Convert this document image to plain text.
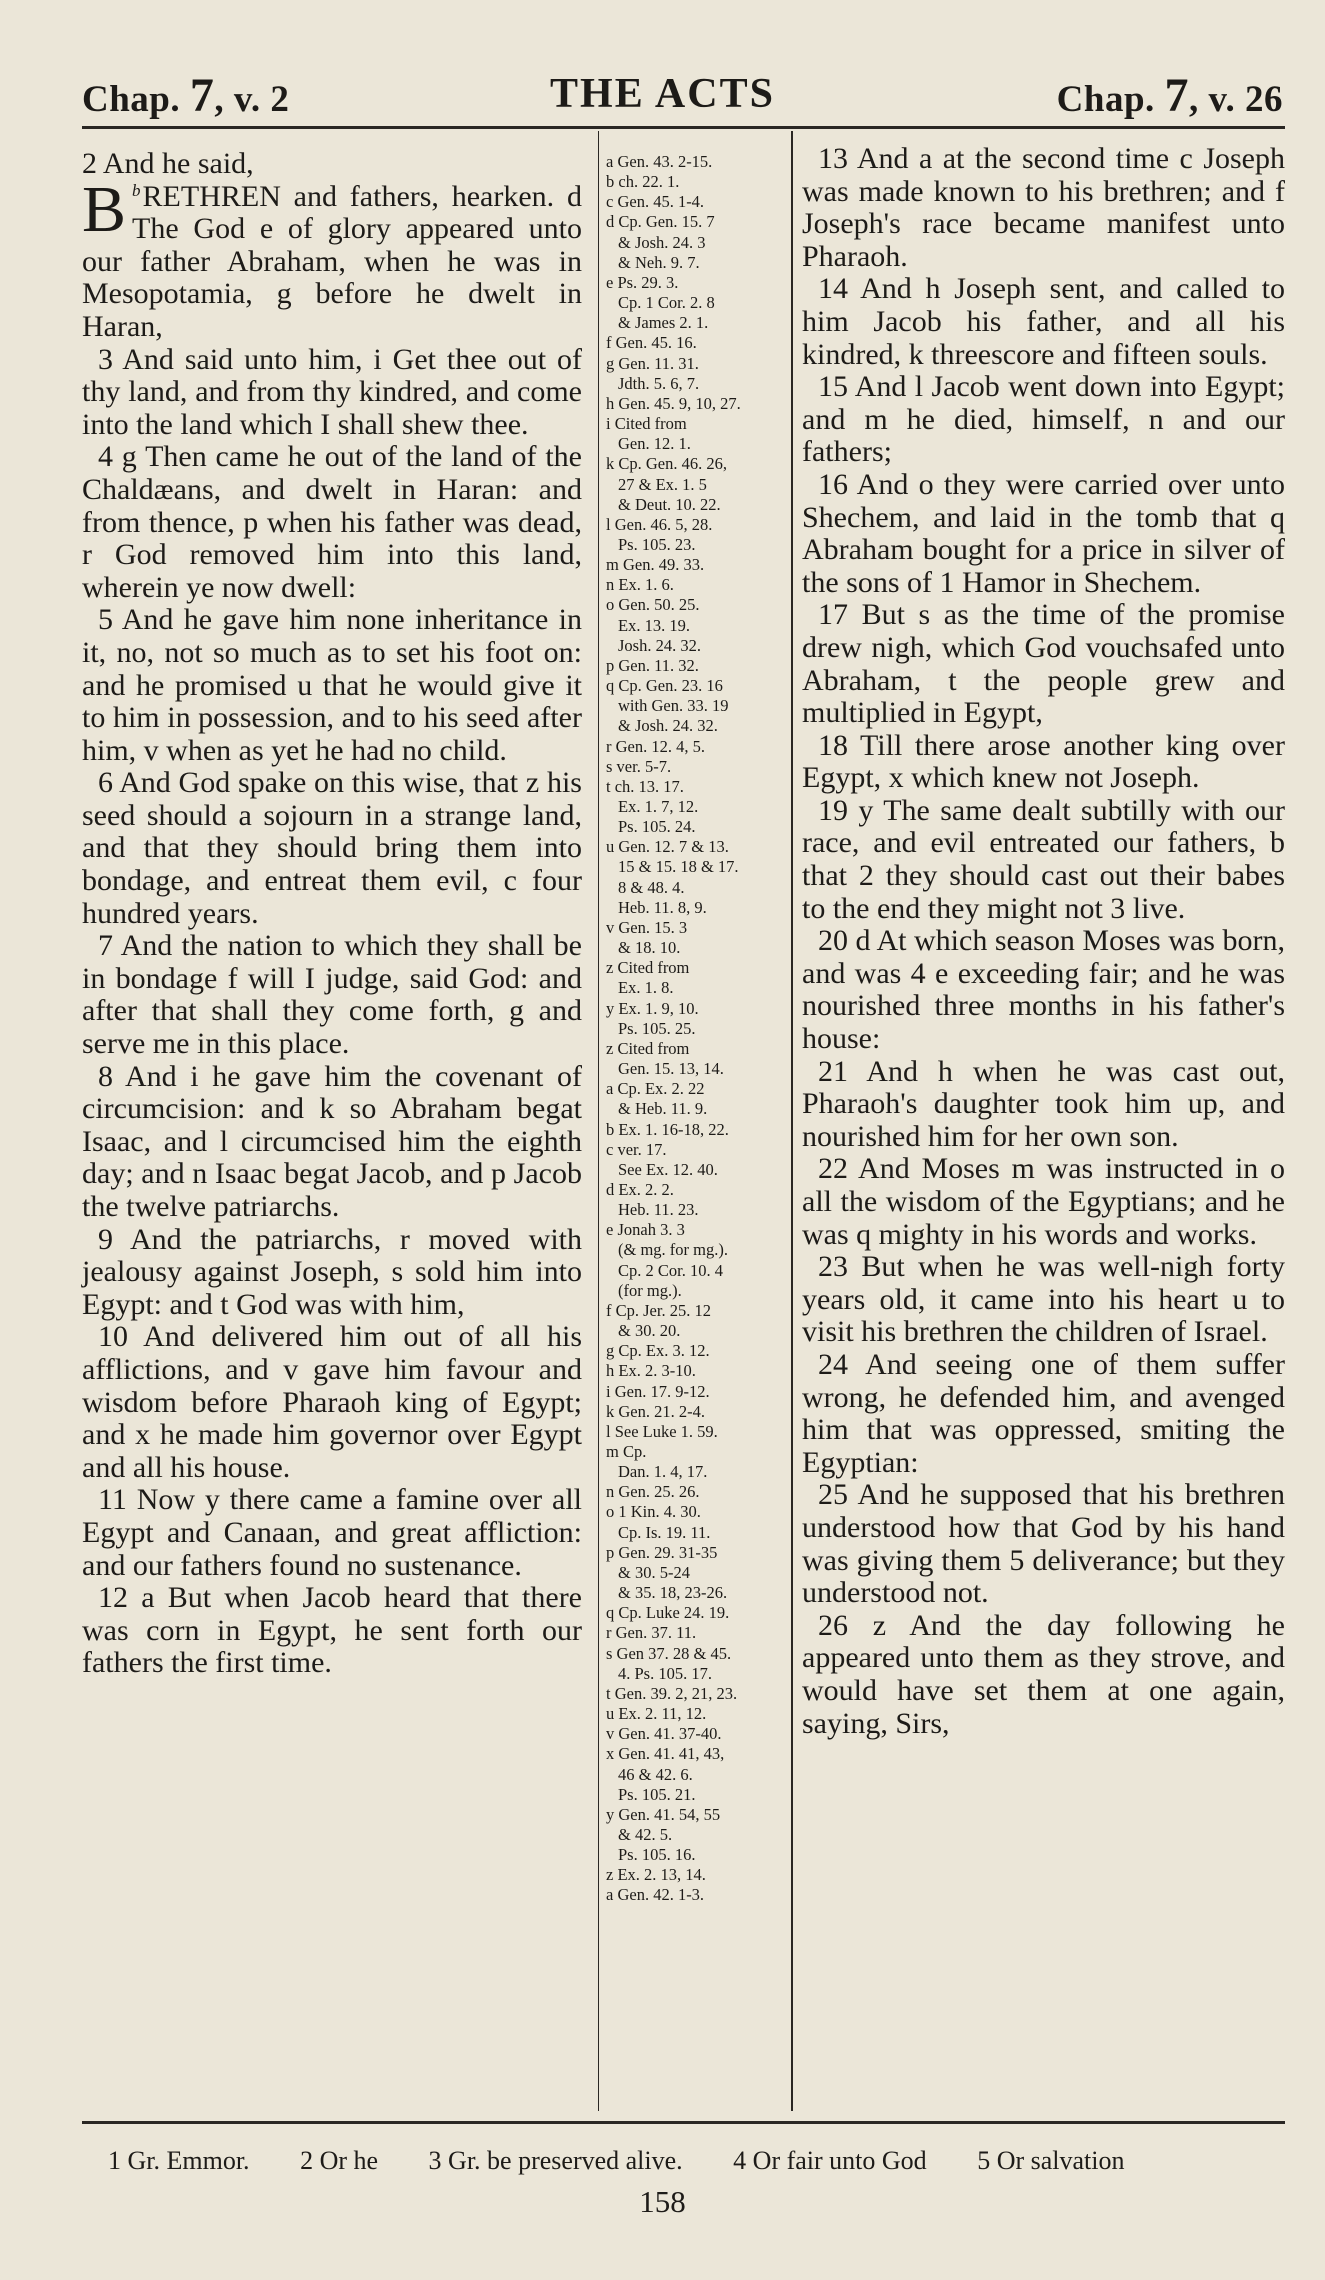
Chap. 7, v. 2	THE ACTS	Chap. 7, v. 26

2 And he said,

B $^b$RETHREN and fathers, hearken. d The God e of glory appeared unto our father Abraham, when he was in Mesopotamia, g before he dwelt in Haran,

3 And said unto him, i Get thee out of thy land, and from thy kindred, and come into the land which I shall shew thee.

4 g Then came he out of the land of the Chaldæans, and dwelt in Haran: and from thence, p when his father was dead, r God removed him into this land, wherein ye now dwell:

5 And he gave him none inheritance in it, no, not so much as to set his foot on: and he promised u that he would give it to him in possession, and to his seed after him, v when as yet he had no child.

6 And God spake on this wise, that z his seed should a sojourn in a strange land, and that they should bring them into bondage, and entreat them evil, c four hundred years.

7 And the nation to which they shall be in bondage f will I judge, said God: and after that shall they come forth, g and serve me in this place.

8 And i he gave him the covenant of circumcision: and k so Abraham begat Isaac, and l circumcised him the eighth day; and n Isaac begat Jacob, and p Jacob the twelve patriarchs.

9 And the patriarchs, r moved with jealousy against Joseph, s sold him into Egypt: and t God was with him,

10 And delivered him out of all his afflictions, and v gave him favour and wisdom before Pharaoh king of Egypt; and x he made him governor over Egypt and all his house.

11 Now y there came a famine over all Egypt and Canaan, and great affliction: and our fathers found no sustenance.

12 a But when Jacob heard that there was corn in Egypt, he sent forth our fathers the first time.

a Gen. 43. 2-15.
b ch. 22. 1.
c Gen. 45. 1-4.
d Cp. Gen. 15. 7
& Josh. 24. 3
& Neh. 9. 7.
e Ps. 29. 3.
Cp. 1 Cor. 2. 8
& James 2. 1.
f Gen. 45. 16.
g Gen. 11. 31.
Jdth. 5. 6, 7.
h Gen. 45. 9, 10, 27.
i Cited from
Gen. 12. 1.
k Cp. Gen. 46. 26,
27 & Ex. 1. 5
& Deut. 10. 22.
l Gen. 46. 5, 28.
Ps. 105. 23.
m Gen. 49. 33.
n Ex. 1. 6.
o Gen. 50. 25.
Ex. 13. 19.
Josh. 24. 32.
p Gen. 11. 32.
q Cp. Gen. 23. 16
with Gen. 33. 19
& Josh. 24. 32.
r Gen. 12. 4, 5.
s ver. 5-7.
t ch. 13. 17.
Ex. 1. 7, 12.
Ps. 105. 24.
u Gen. 12. 7 & 13.
15 & 15. 18 & 17.
8 & 48. 4.
Heb. 11. 8, 9.
v Gen. 15. 3
& 18. 10.
z Cited from
Ex. 1. 8.
y Ex. 1. 9, 10.
Ps. 105. 25.
z Cited from
Gen. 15. 13, 14.
a Cp. Ex. 2. 22
& Heb. 11. 9.
b Ex. 1. 16-18, 22.
c ver. 17.
See Ex. 12. 40.
d Ex. 2. 2.
Heb. 11. 23.
e Jonah 3. 3
(& mg. for mg.).
Cp. 2 Cor. 10. 4
(for mg.).
f Cp. Jer. 25. 12
& 30. 20.
g Cp. Ex. 3. 12.
h Ex. 2. 3-10.
i Gen. 17. 9-12.
k Gen. 21. 2-4.
l See Luke 1. 59.
m Cp.
Dan. 1. 4, 17.
n Gen. 25. 26.
o 1 Kin. 4. 30.
Cp. Is. 19. 11.
p Gen. 29. 31-35
& 30. 5-24
& 35. 18, 23-26.
q Cp. Luke 24. 19.
r Gen. 37. 11.
s Gen 37. 28 & 45.
4. Ps. 105. 17.
t Gen. 39. 2, 21, 23.
u Ex. 2. 11, 12.
v Gen. 41. 37-40.
x Gen. 41. 41, 43,
46 & 42. 6.
Ps. 105. 21.
y Gen. 41. 54, 55
& 42. 5.
Ps. 105. 16.
z Ex. 2. 13, 14.
a Gen. 42. 1-3.

13 And a at the second time c Joseph was made known to his brethren; and f Joseph's race became manifest unto Pharaoh.

14 And h Joseph sent, and called to him Jacob his father, and all his kindred, k threescore and fifteen souls.

15 And l Jacob went down into Egypt; and m he died, himself, n and our fathers;

16 And o they were carried over unto Shechem, and laid in the tomb that q Abraham bought for a price in silver of the sons of 1 Hamor in Shechem.

17 But s as the time of the promise drew nigh, which God vouchsafed unto Abraham, t the people grew and multiplied in Egypt,

18 Till there arose another king over Egypt, x which knew not Joseph.

19 y The same dealt subtilly with our race, and evil entreated our fathers, b that 2 they should cast out their babes to the end they might not 3 live.

20 d At which season Moses was born, and was 4 e exceeding fair; and he was nourished three months in his father's house:

21 And h when he was cast out, Pharaoh's daughter took him up, and nourished him for her own son.

22 And Moses m was instructed in o all the wisdom of the Egyptians; and he was q mighty in his words and works.

23 But when he was well-nigh forty years old, it came into his heart u to visit his brethren the children of Israel.

24 And seeing one of them suffer wrong, he defended him, and avenged him that was oppressed, smiting the Egyptian:

25 And he supposed that his brethren understood how that God by his hand was giving them 5 deliverance; but they understood not.

26 z And the day following he appeared unto them as they strove, and would have set them at one again, saying, Sirs,

1 Gr. Emmor. 2 Or he 3 Gr. be preserved alive. 4 Or fair unto God 5 Or salvation
158
